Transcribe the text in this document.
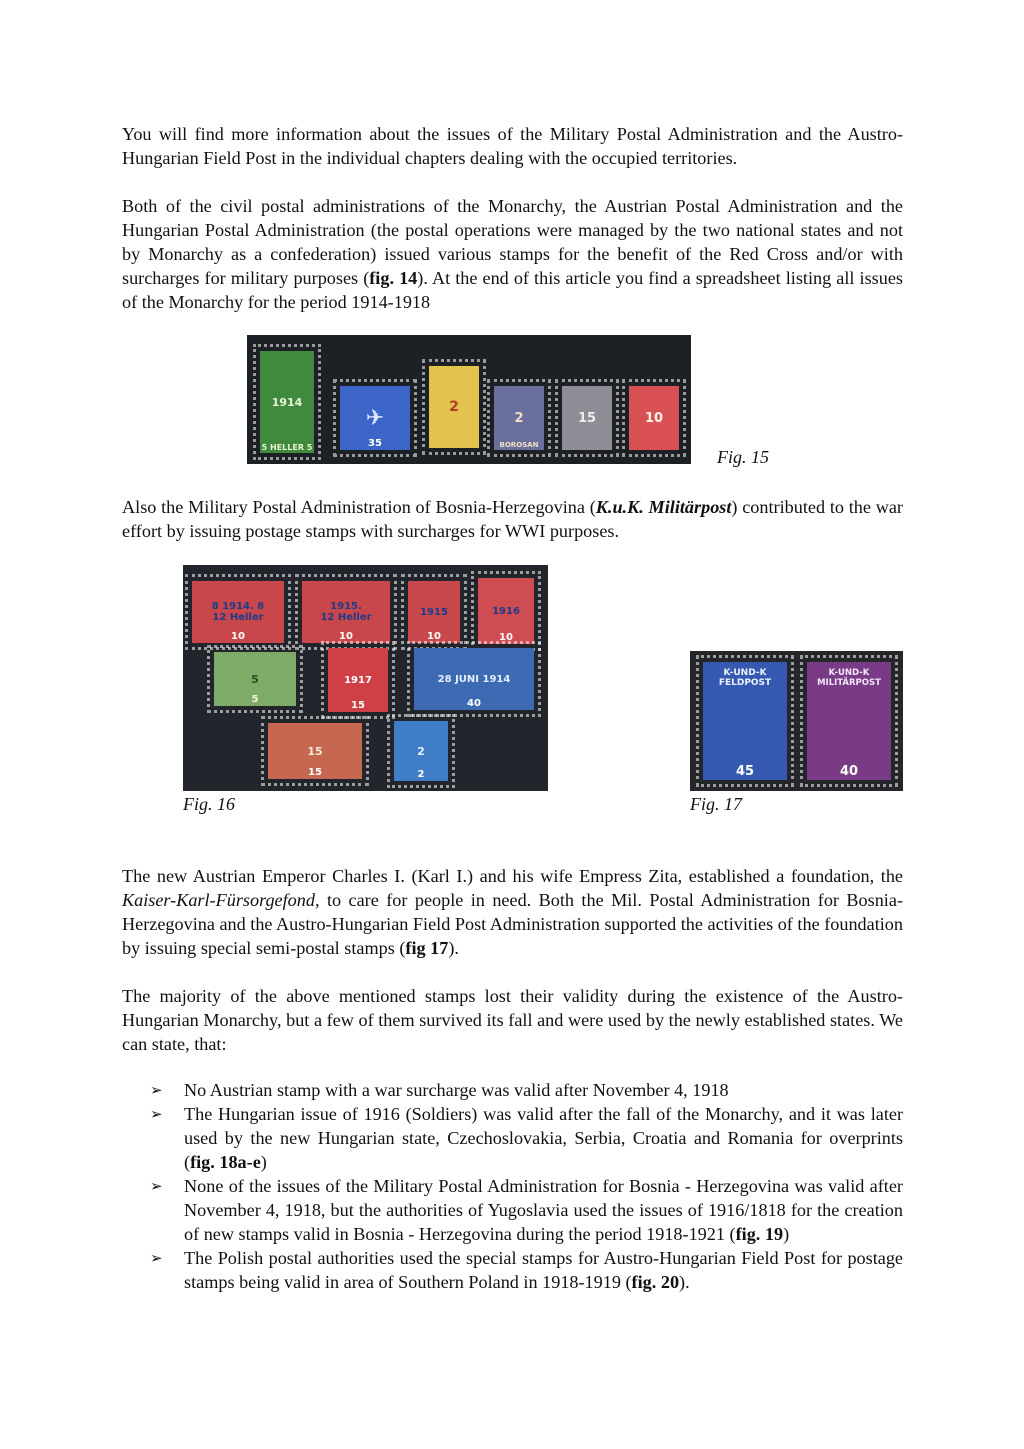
You will find more information about the issues of the Military Postal Administration and the Austro-Hungarian Field Post in the individual chapters dealing with the occupied territories.
Both of the civil postal administrations of the Monarchy, the Austrian Postal Administration and the Hungarian Postal Administration (the postal operations were managed by the two national states and not by Monarchy as a confederation) issued various stamps for the benefit of the Red Cross and/or with surcharges for military purposes (fig. 14). At the end of this article you find a spreadsheet listing all issues of the Monarchy for the period 1914-1918
1914
5 HELLER 5
✈
35
2
2
BOROSAN
15	10
Fig. 15
Also the Military Postal Administration of Bosnia-Herzegovina (K.u.K. Militärpost) contributed to the war effort by issuing postage stamps with surcharges for WWI purposes.
8 1914. 8
12 Heller
10
1915.
12 Heller
10
1915
10
1916
10
5
5
1917
15
28 JUNI 1914
40
15
15
2
2
Fig. 16
K-UND-K FELDPOST
45
K-UND-K MILITÄRPOST
40
Fig. 17
The new Austrian Emperor Charles I. (Karl I.) and his wife Empress Zita, established a foundation, the Kaiser-Karl-Fürsorgefond, to care for people in need. Both the Mil. Postal Administration for Bosnia-Herzegovina and the Austro-Hungarian Field Post Administration supported the activities of the foundation by issuing special semi-postal stamps (fig 17).
The majority of the above mentioned stamps lost their validity during the existence of the Austro-Hungarian Monarchy, but a few of them survived its fall and were used by the newly established states. We can state, that:
➢ No Austrian stamp with a war surcharge was valid after November 4, 1918
➢ The Hungarian issue of 1916 (Soldiers) was valid after the fall of the Monarchy, and it was later used by the new Hungarian state, Czechoslovakia, Serbia, Croatia and Romania for overprints (fig. 18a-e)
➢ None of the issues of the Military Postal Administration for Bosnia - Herzegovina was valid after November 4, 1918, but the authorities of Yugoslavia used the issues of 1916/1818 for the creation of new stamps valid in Bosnia - Herzegovina during the period 1918-1921 (fig. 19)
➢ The Polish postal authorities used the special stamps for Austro-Hungarian Field Post for postage stamps being valid in area of Southern Poland in 1918-1919 (fig. 20).
